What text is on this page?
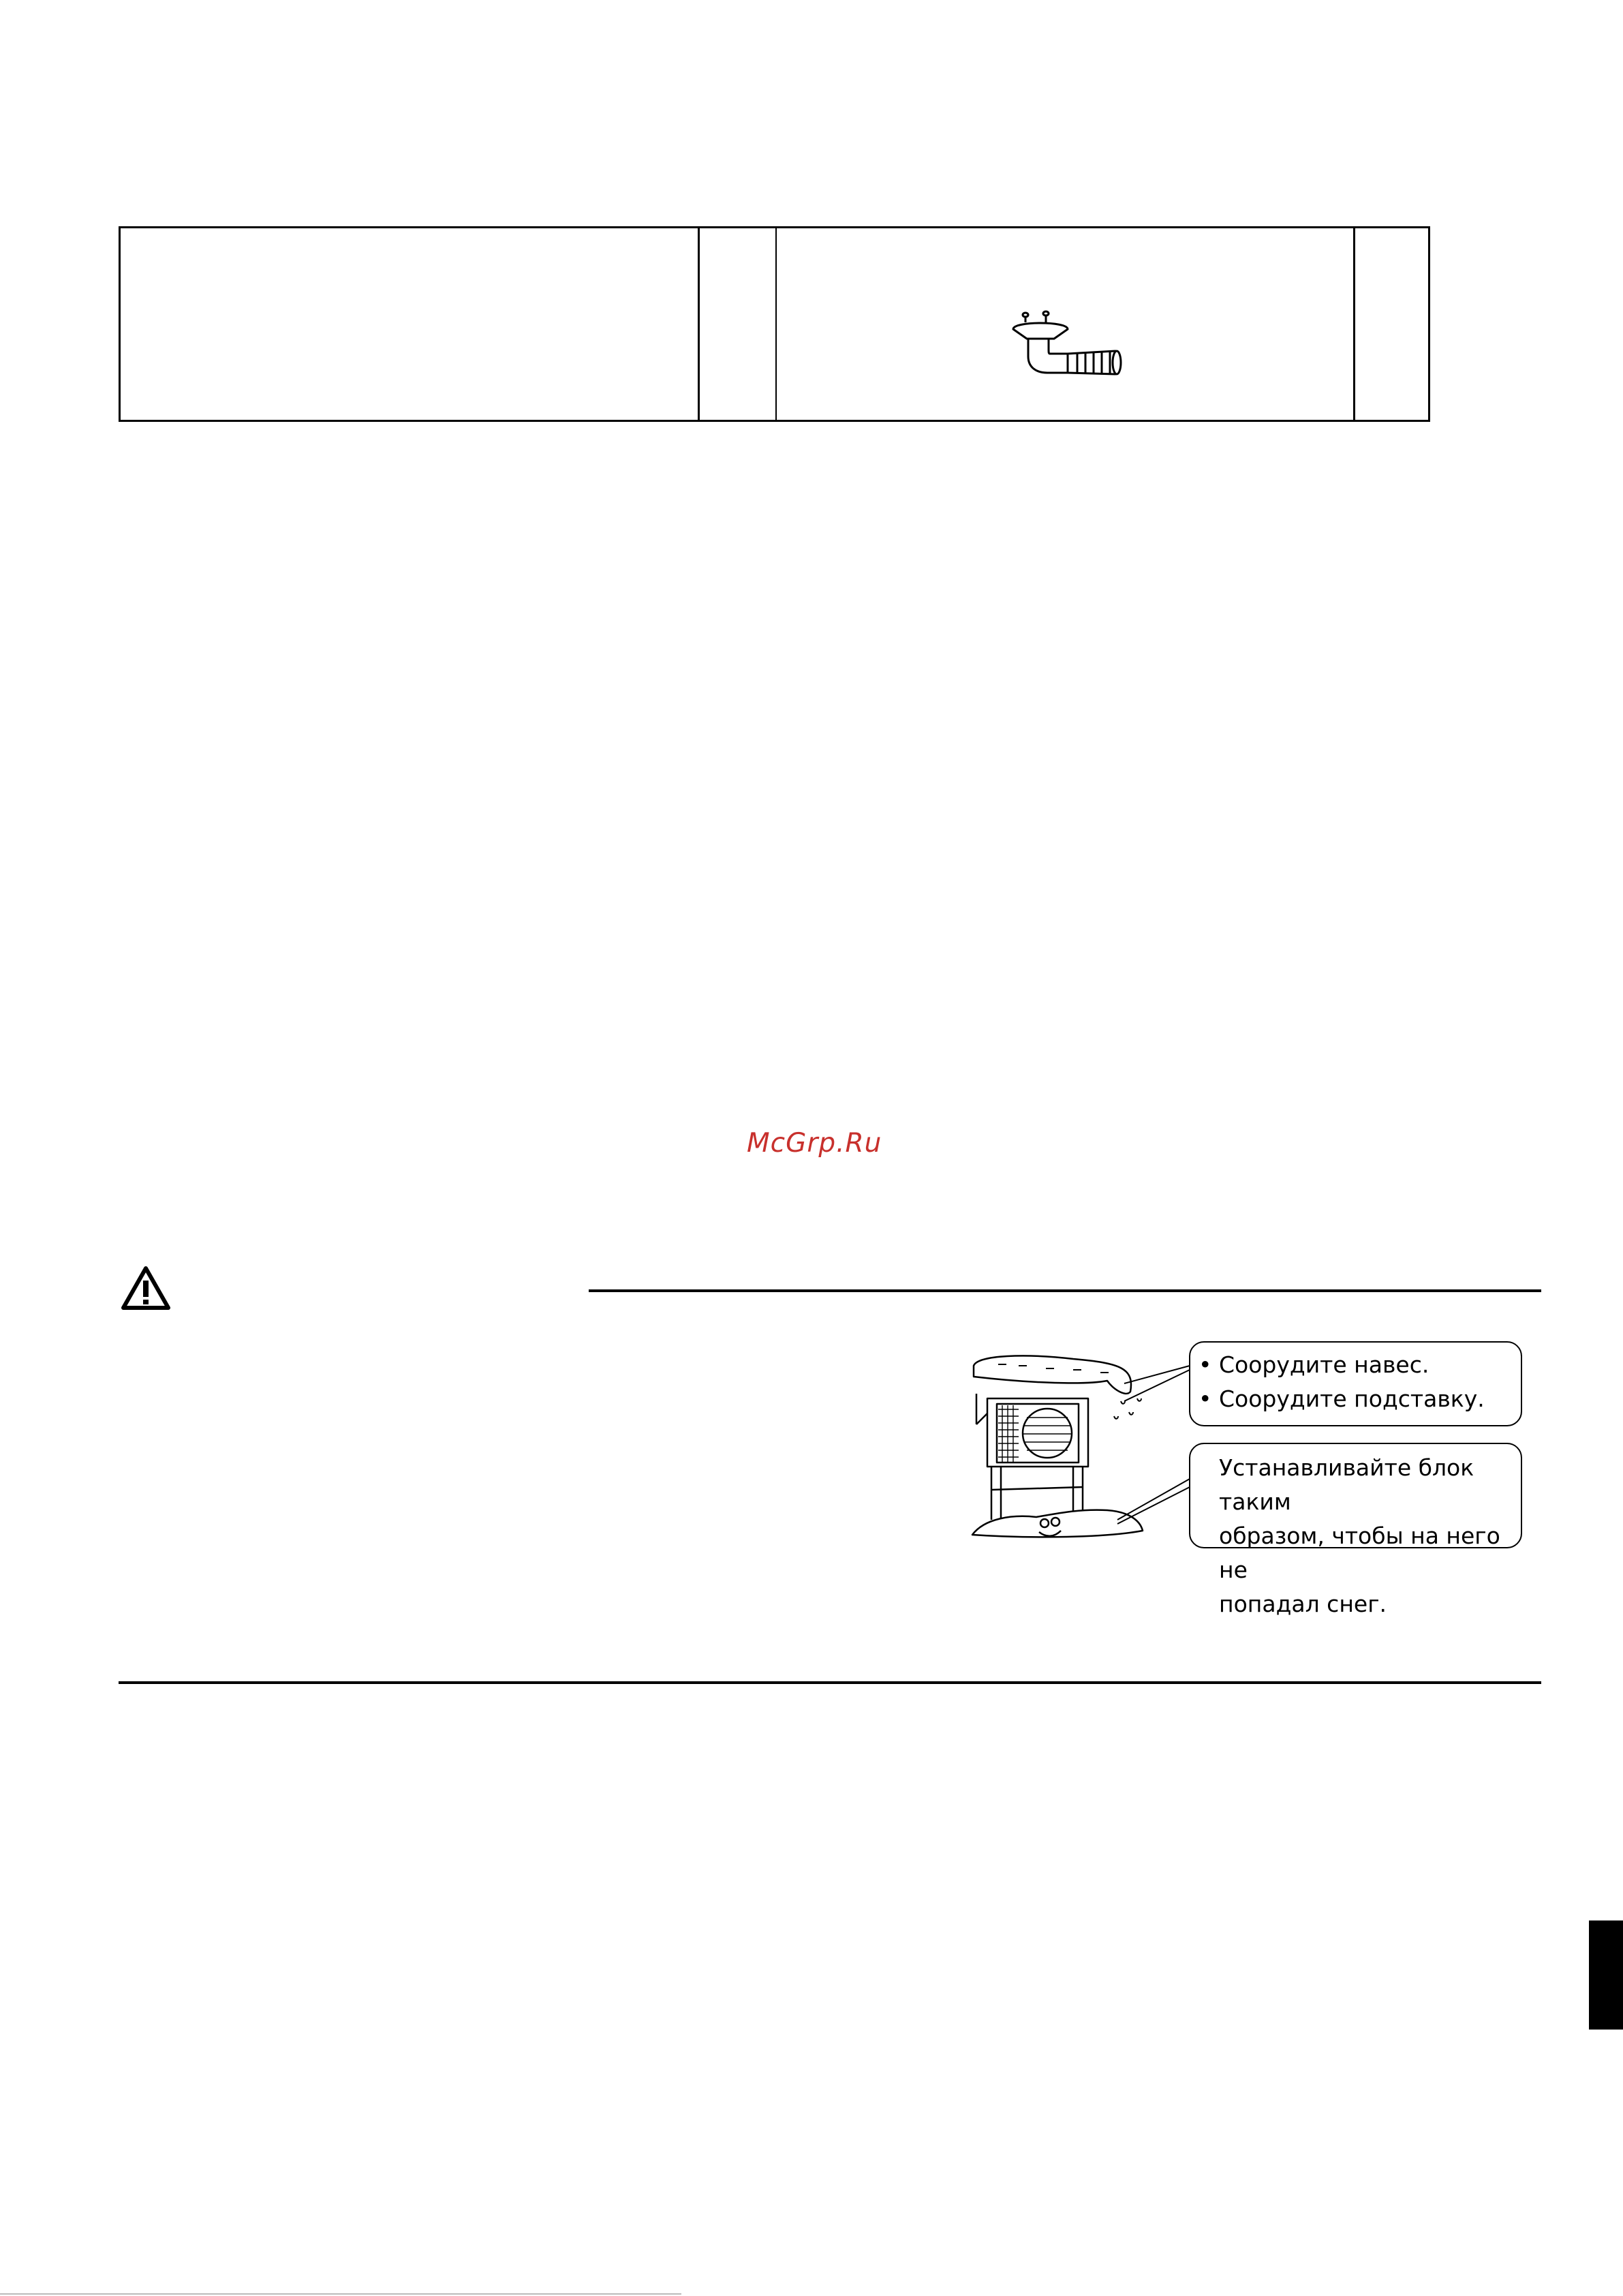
McGrp.Ru
• Соорудите навес.
• Соорудите подставку.
Устанавливайте блок таким
образом, чтобы на него не
попадал снег.
